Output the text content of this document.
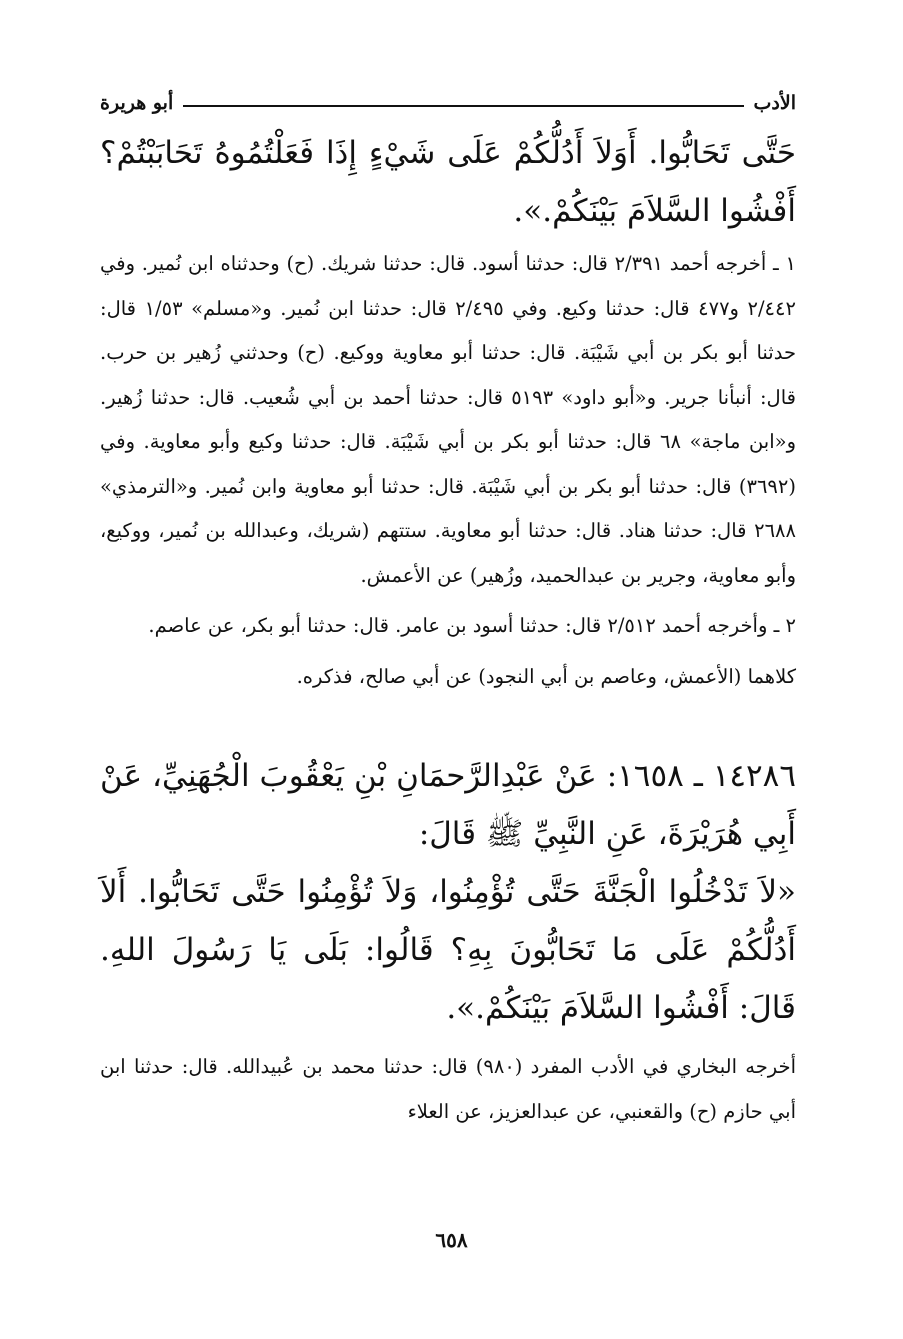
الأدب
أبو هريرة

حَتَّى تَحَابُّوا. أَوَلاَ أَدُلُّكُمْ عَلَى شَيْءٍ إِذَا فَعَلْتُمُوهُ تَحَابَبْتُمْ؟ أَفْشُوا السَّلاَمَ بَيْنَكُمْ.».

١ ـ أخرجه أحمد ٢/٣٩١ قال: حدثنا أسود. قال: حدثنا شريك. (ح) وحدثناه ابن نُمير. وفي ٢/٤٤٢ و٤٧٧ قال: حدثنا وكيع. وفي ٢/٤٩٥ قال: حدثنا ابن نُمير. و«مسلم» ١/٥٣ قال: حدثنا أبو بكر بن أبي شَيْبَة. قال: حدثنا أبو معاوية ووكيع. (ح) وحدثني زُهير بن حرب. قال: أنبأنا جرير. و«أبو داود» ٥١٩٣ قال: حدثنا أحمد بن أبي شُعيب. قال: حدثنا زُهير. و«ابن ماجة» ٦٨ قال: حدثنا أبو بكر بن أبي شَيْبَة. قال: حدثنا وكيع وأبو معاوية. وفي (٣٦٩٢) قال: حدثنا أبو بكر بن أبي شَيْبَة. قال: حدثنا أبو معاوية وابن نُمير. و«الترمذي» ٢٦٨٨ قال: حدثنا هناد. قال: حدثنا أبو معاوية. ستتهم (شريك، وعبدالله بن نُمير، ووكيع، وأبو معاوية، وجرير بن عبدالحميد، وزُهير) عن الأعمش.

٢ ـ وأخرجه أحمد ٢/٥١٢ قال: حدثنا أسود بن عامر. قال: حدثنا أبو بكر، عن عاصم.

كلاهما (الأعمش، وعاصم بن أبي النجود) عن أبي صالح، فذكره.

١٤٢٨٦ ـ ١٦٥٨: عَنْ عَبْدِالرَّحمَانِ بْنِ يَعْقُوبَ الْجُهَنِيِّ، عَنْ أَبِي هُرَيْرَةَ، عَنِ النَّبِيِّ ﷺ قَالَ:

«لاَ تَدْخُلُوا الْجَنَّةَ حَتَّى تُؤْمِنُوا، وَلاَ تُؤْمِنُوا حَتَّى تَحَابُّوا. أَلاَ أَدُلُّكُمْ عَلَى مَا تَحَابُّونَ بِهِ؟ قَالُوا: بَلَى يَا رَسُولَ اللهِ. قَالَ: أَفْشُوا السَّلاَمَ بَيْنَكُمْ.».

أخرجه البخاري في الأدب المفرد (٩٨٠) قال: حدثنا محمد بن عُبيدالله. قال: حدثنا ابن أبي حازم (ح) والقعنبي، عن عبدالعزيز، عن العلاء

٦٥٨
